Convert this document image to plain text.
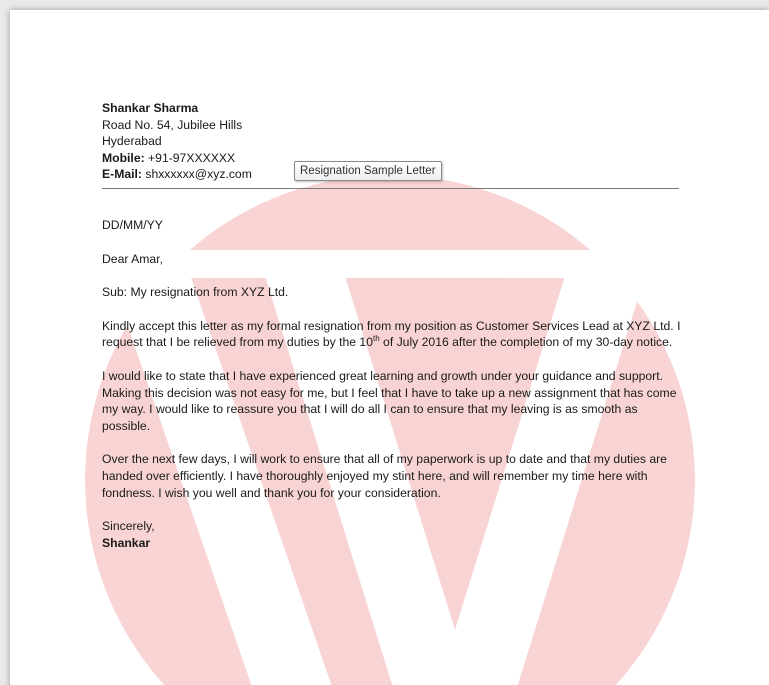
Resignation Sample Letter

Shankar Sharma

Road No. 54, Jubilee Hills

Hyderabad

Mobile: +91-97XXXXXX

E-Mail: shxxxxxx@xyz.com

DD/MM/YY

Dear Amar,

Sub: My resignation from XYZ Ltd.

Kindly accept this letter as my formal resignation from my position as Customer Services Lead at XYZ Ltd. I request that I be relieved from my duties by the 10th of July 2016 after the completion of my 30-day notice.

I would like to state that I have experienced great learning and growth under your guidance and support. Making this decision was not easy for me, but I feel that I have to take up a new assignment that has come my way. I would like to reassure you that I will do all I can to ensure that my leaving is as smooth as possible.

Over the next few days, I will work to ensure that all of my paperwork is up to date and that my duties are handed over efficiently. I have thoroughly enjoyed my stint here, and will remember my time here with fondness. I wish you well and thank you for your consideration.

Sincerely,

Shankar
